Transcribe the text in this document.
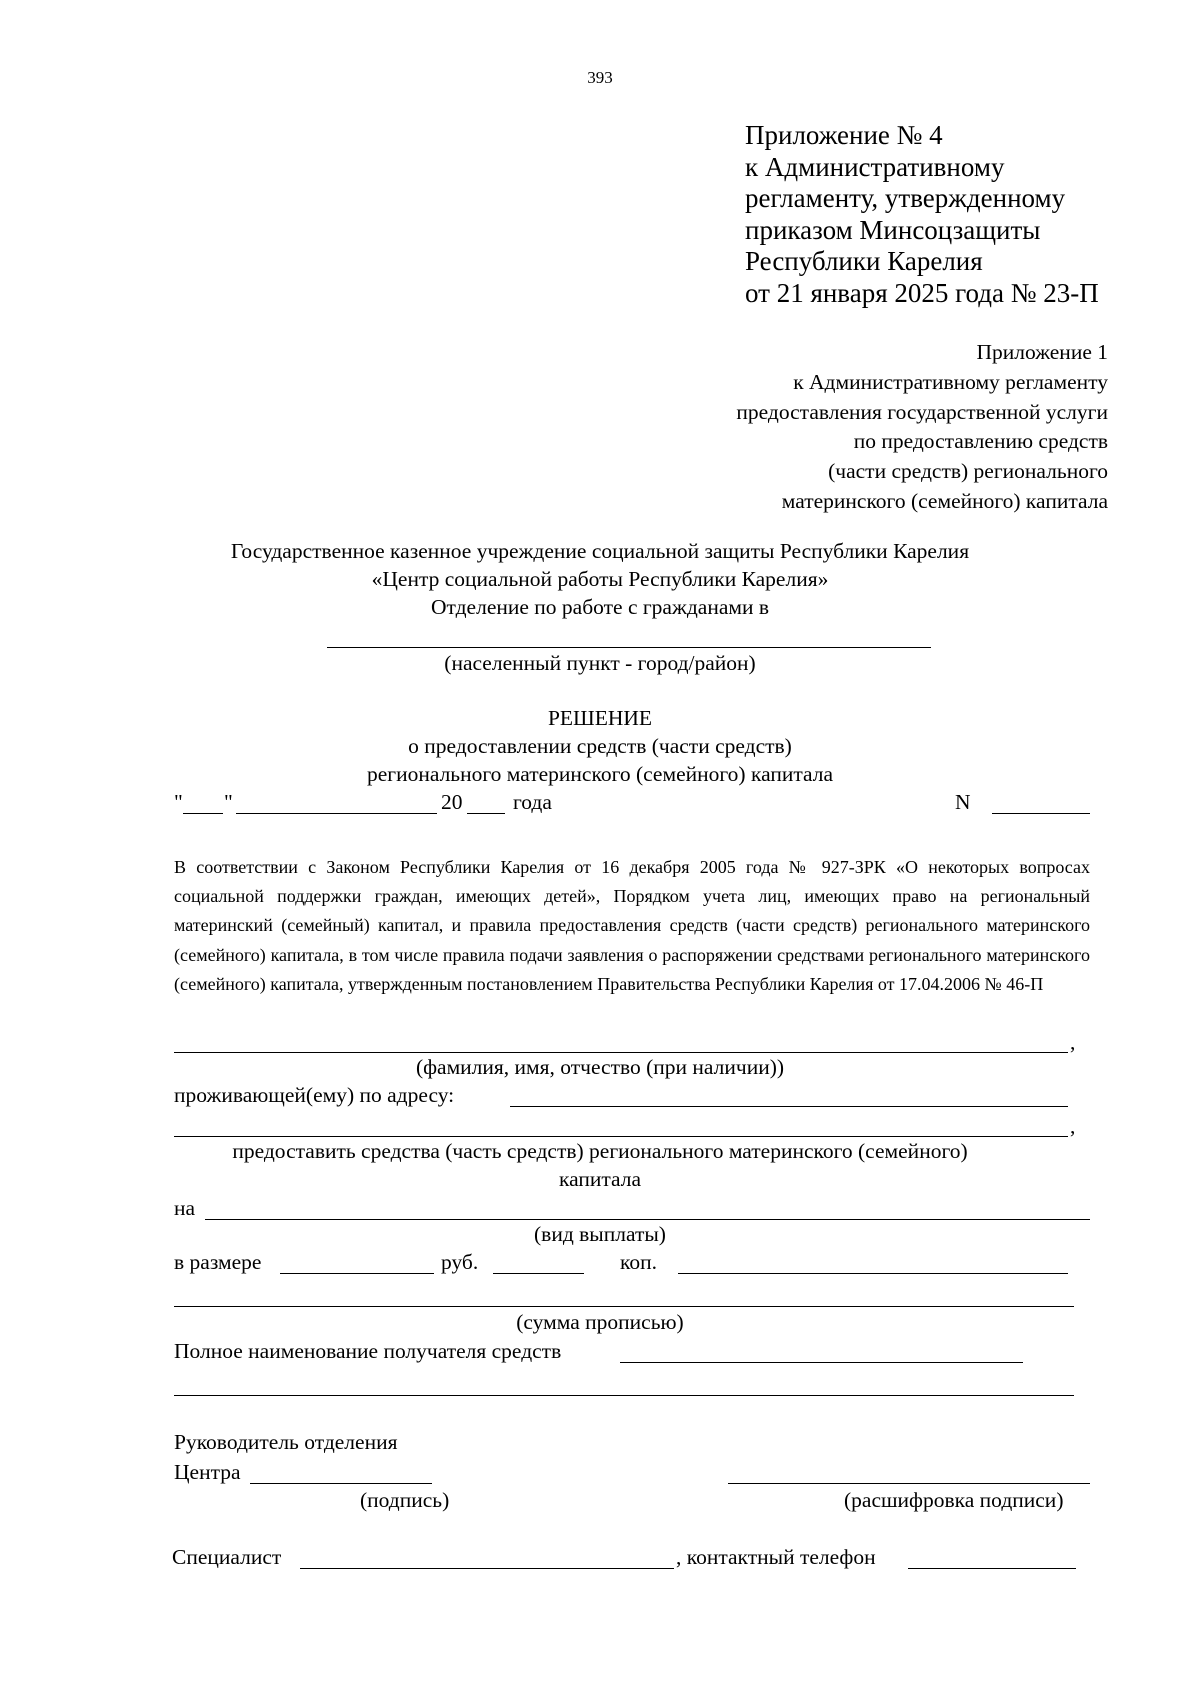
393
Приложение № 4
к Административному
регламенту, утвержденному
приказом Минсоцзащиты
Республики Карелия
от 21 января 2025 года № 23-П
Приложение 1
к Административному регламенту
предоставления государственной услуги
по предоставлению средств
(части средств) регионального
материнского (семейного) капитала
Государственное казенное учреждение социальной защиты Республики Карелия
«Центр социальной работы Республики Карелия»
Отделение по работе с гражданами в
(населенный пункт - город/район)
РЕШЕНИЕ
о предоставлении средств (части средств)
регионального материнского (семейного) капитала
" "	20 года	N

В соответствии с Законом Республики Карелия от 16 декабря 2005 года № 927-ЗРК «О некоторых вопросах социальной поддержки граждан, имеющих детей», Порядком учета лиц, имеющих право на региональный материнский (семейный) капитал, и правила предоставления средств (части средств) регионального материнского (семейного) капитала, в том числе правила подачи заявления о распоряжении средствами регионального материнского (семейного) капитала, утвержденным постановлением Правительства Республики Карелия от 17.04.2006 № 46-П

,
(фамилия, имя, отчество (при наличии))
проживающей(ему) по адресу:
,
предоставить средства (часть средств) регионального материнского (семейного)
капитала
на
(вид выплаты)
в размере	руб.	коп.
(сумма прописью)
Полное наименование получателя средств
Руководитель отделения
Центра
(подпись)	(расшифровка подписи)
Специалист	, контактный телефон
